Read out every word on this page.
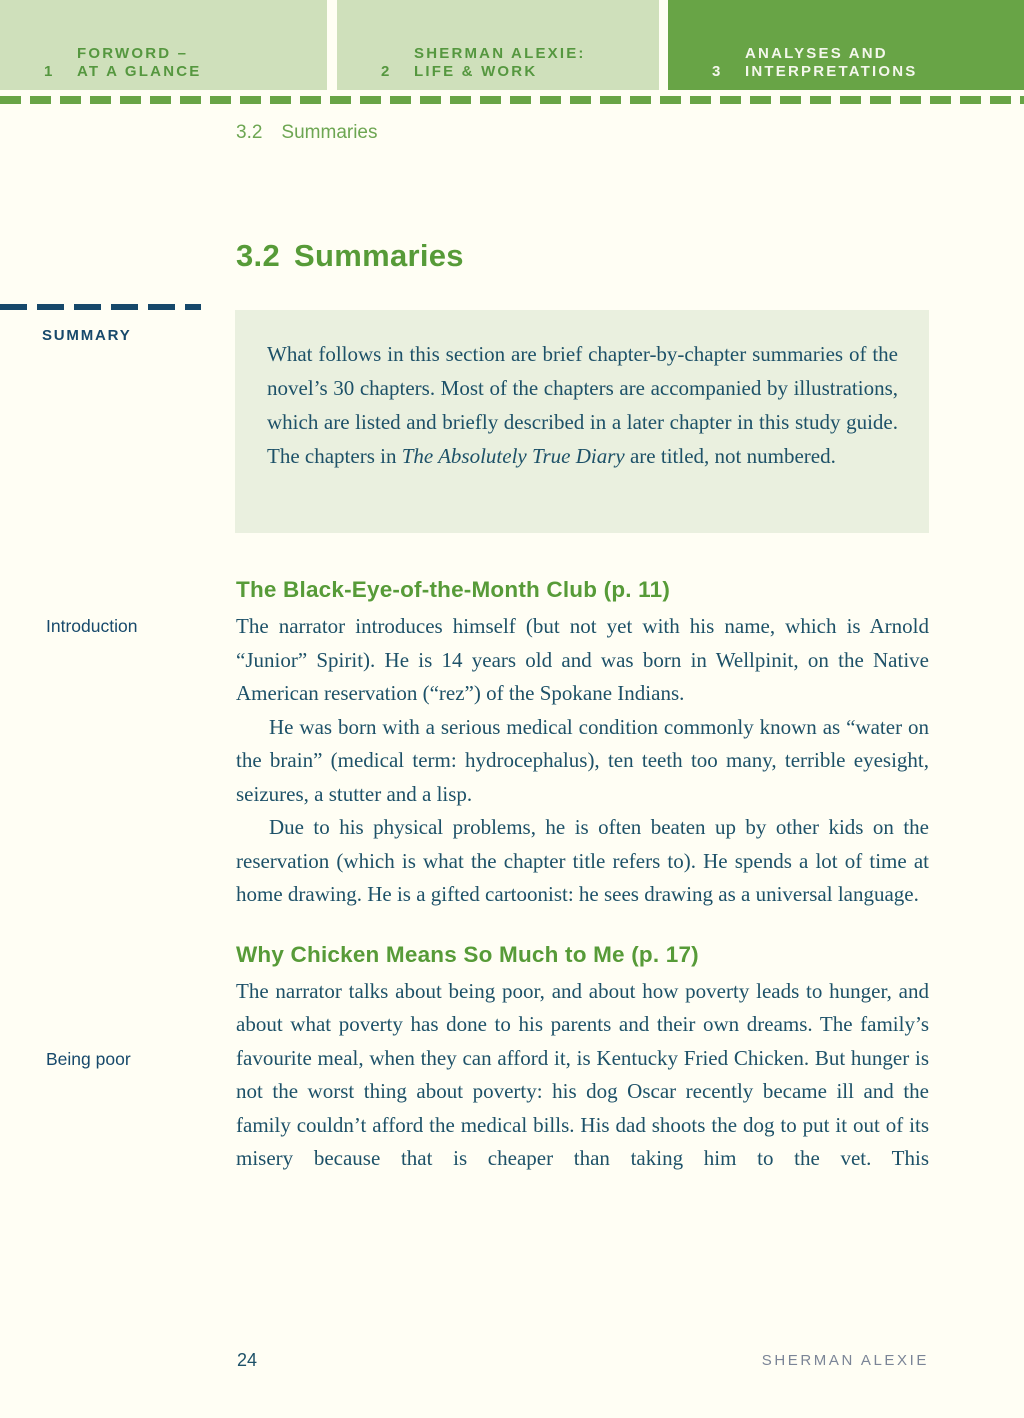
1
FORWORD –
AT A GLANCE	2
SHERMAN ALEXIE:
LIFE & WORK	3
ANALYSES AND
INTERPRETATIONS
3.2 Summaries
3.2 Summaries
SUMMARY
What follows in this section are brief chapter-by-chapter summaries of the novel’s 30 chapters. Most of the chapters are accompanied by illustrations, which are listed and briefly described in a later chapter in this study guide. The chapters in The Absolutely True Diary are titled, not numbered.
Introduction
Being poor
The Black-Eye-of-the-Month Club (p. 11)

The narrator introduces himself (but not yet with his name, which is Arnold “Junior” Spirit). He is 14 years old and was born in Wellpinit, on the Native American reservation (“rez”) of the Spokane Indians.

He was born with a serious medical condition commonly known as “water on the brain” (medical term: hydrocephalus), ten teeth too many, terrible eyesight, seizures, a stutter and a lisp.

Due to his physical problems, he is often beaten up by other kids on the reservation (which is what the chapter title refers to). He spends a lot of time at home drawing. He is a gifted cartoonist: he sees drawing as a universal language.

Why Chicken Means So Much to Me (p. 17)

The narrator talks about being poor, and about how poverty leads to hunger, and about what poverty has done to his parents and their own dreams. The family’s favourite meal, when they can afford it, is Kentucky Fried Chicken. But hunger is not the worst thing about poverty: his dog Oscar recently became ill and the family couldn’t afford the medical bills. His dad shoots the dog to put it out of its misery because that is cheaper than taking him to the vet. This

24	SHERMAN ALEXIE
